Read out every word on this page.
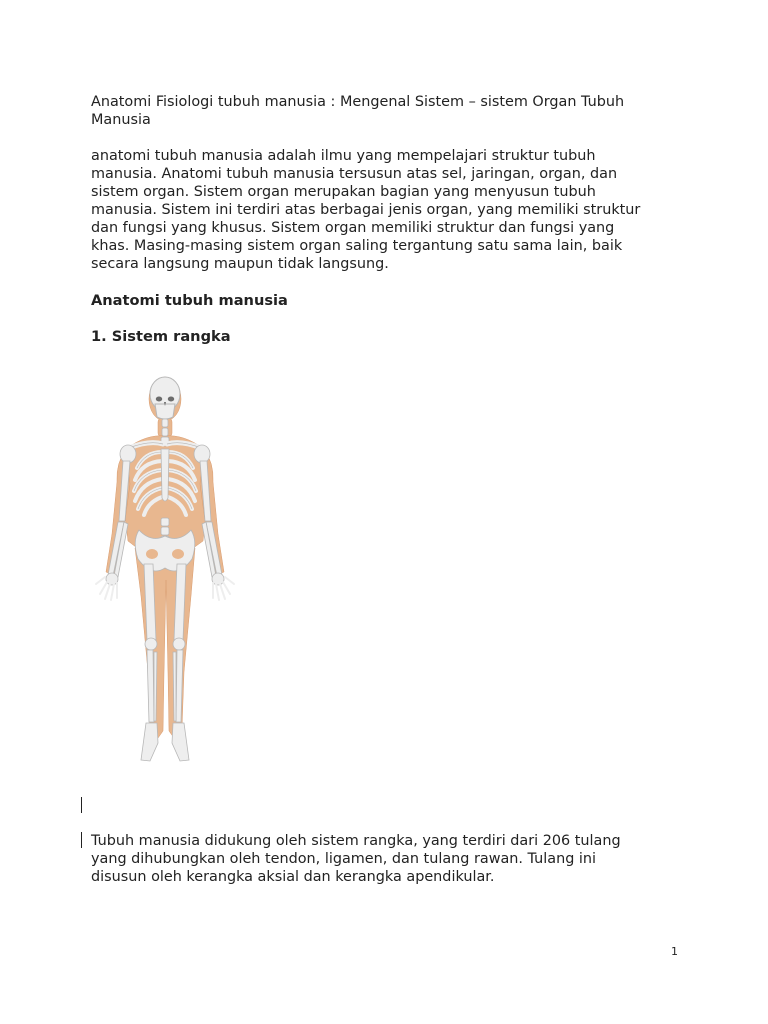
Anatomi Fisiologi tubuh manusia : Mengenal Sistem – sistem Organ Tubuh
Manusia

anatomi tubuh manusia adalah ilmu yang mempelajari struktur tubuh
manusia. Anatomi tubuh manusia tersusun atas sel, jaringan, organ, dan
sistem organ. Sistem organ merupakan bagian yang menyusun tubuh
manusia. Sistem ini terdiri atas berbagai jenis organ, yang memiliki struktur
dan fungsi yang khusus. Sistem organ memiliki struktur dan fungsi yang
khas. Masing-masing sistem organ saling tergantung satu sama lain, baik
secara langsung maupun tidak langsung.

Anatomi tubuh manusia
1. Sistem rangka

Tubuh manusia didukung oleh sistem rangka, yang terdiri dari 206 tulang
yang dihubungkan oleh tendon, ligamen, dan tulang rawan. Tulang ini
disusun oleh kerangka aksial dan kerangka apendikular.

1
